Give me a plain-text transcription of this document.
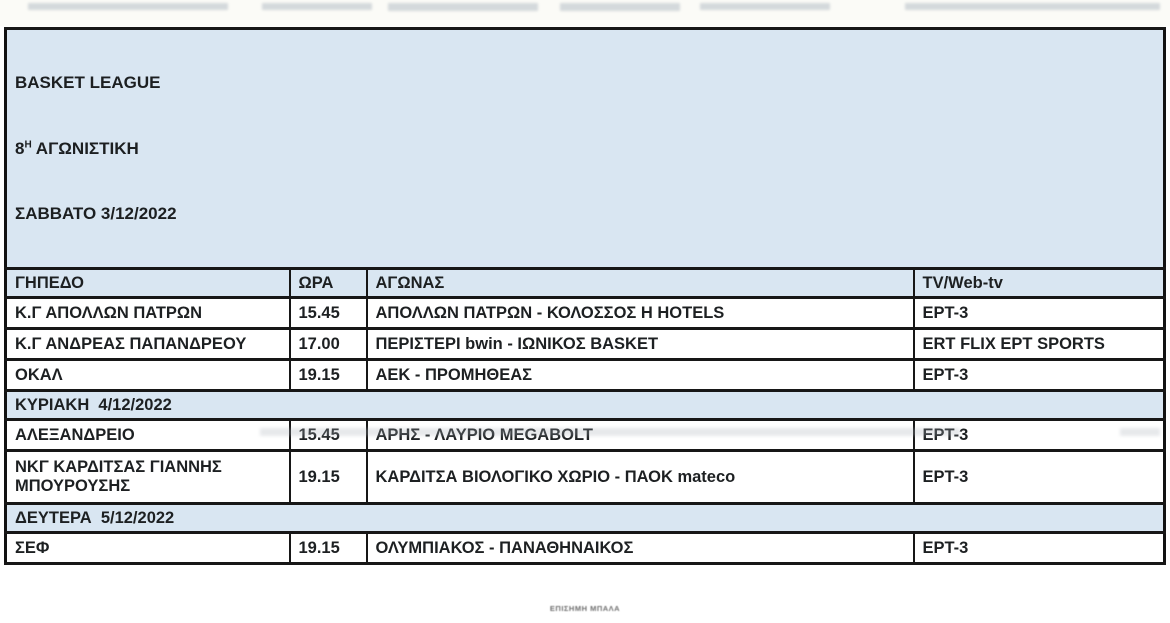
BASKET LEAGUE

$8^H$ ΑΓΩΝΙΣΤΙΚΗ

ΣΑΒΒΑΤΟ 3/12/2022			

ΓΗΠΕΔΟ	ΩΡΑ	ΑΓΩΝΑΣ	TV/Web-tv
Κ.Γ ΑΠΟΛΛΩΝ ΠΑΤΡΩΝ	15.45	ΑΠΟΛΛΩΝ ΠΑΤΡΩΝ - ΚΟΛΟΣΣΟΣ Η HOTELS	ΕΡΤ-3
Κ.Γ ΑΝΔΡΕΑΣ ΠΑΠΑΝΔΡΕΟΥ	17.00	ΠΕΡΙΣΤΕΡΙ bwin - ΙΩΝΙΚΟΣ BASKET	ERT FLIX ΕΡΤ SPORTS
ΟΚΑΛ	19.15	ΑΕΚ - ΠΡΟΜΗΘΕΑΣ	ΕΡΤ-3
ΚΥΡΙΑΚΗ  4/12/2022			
ΑΛΕΞΑΝΔΡΕΙΟ	15.45	ΑΡΗΣ - ΛΑΥΡΙΟ MEGABOLT	ΕΡΤ-3
ΝΚΓ ΚΑΡΔΙΤΣΑΣ ΓΙΑΝΝΗΣ ΜΠΟΥΡΟΥΣΗΣ	19.15	ΚΑΡΔΙΤΣΑ ΒΙΟΛΟΓΙΚΟ ΧΩΡΙΟ - ΠΑΟΚ mateco	ΕΡΤ-3
ΔΕΥΤΕΡΑ  5/12/2022			
ΣΕΦ	19.15	ΟΛΥΜΠΙΑΚΟΣ - ΠΑΝΑΘΗΝΑΙΚΟΣ	ΕΡΤ-3
ΕΠΙΣΗΜΗ ΜΠΑΛΑ
